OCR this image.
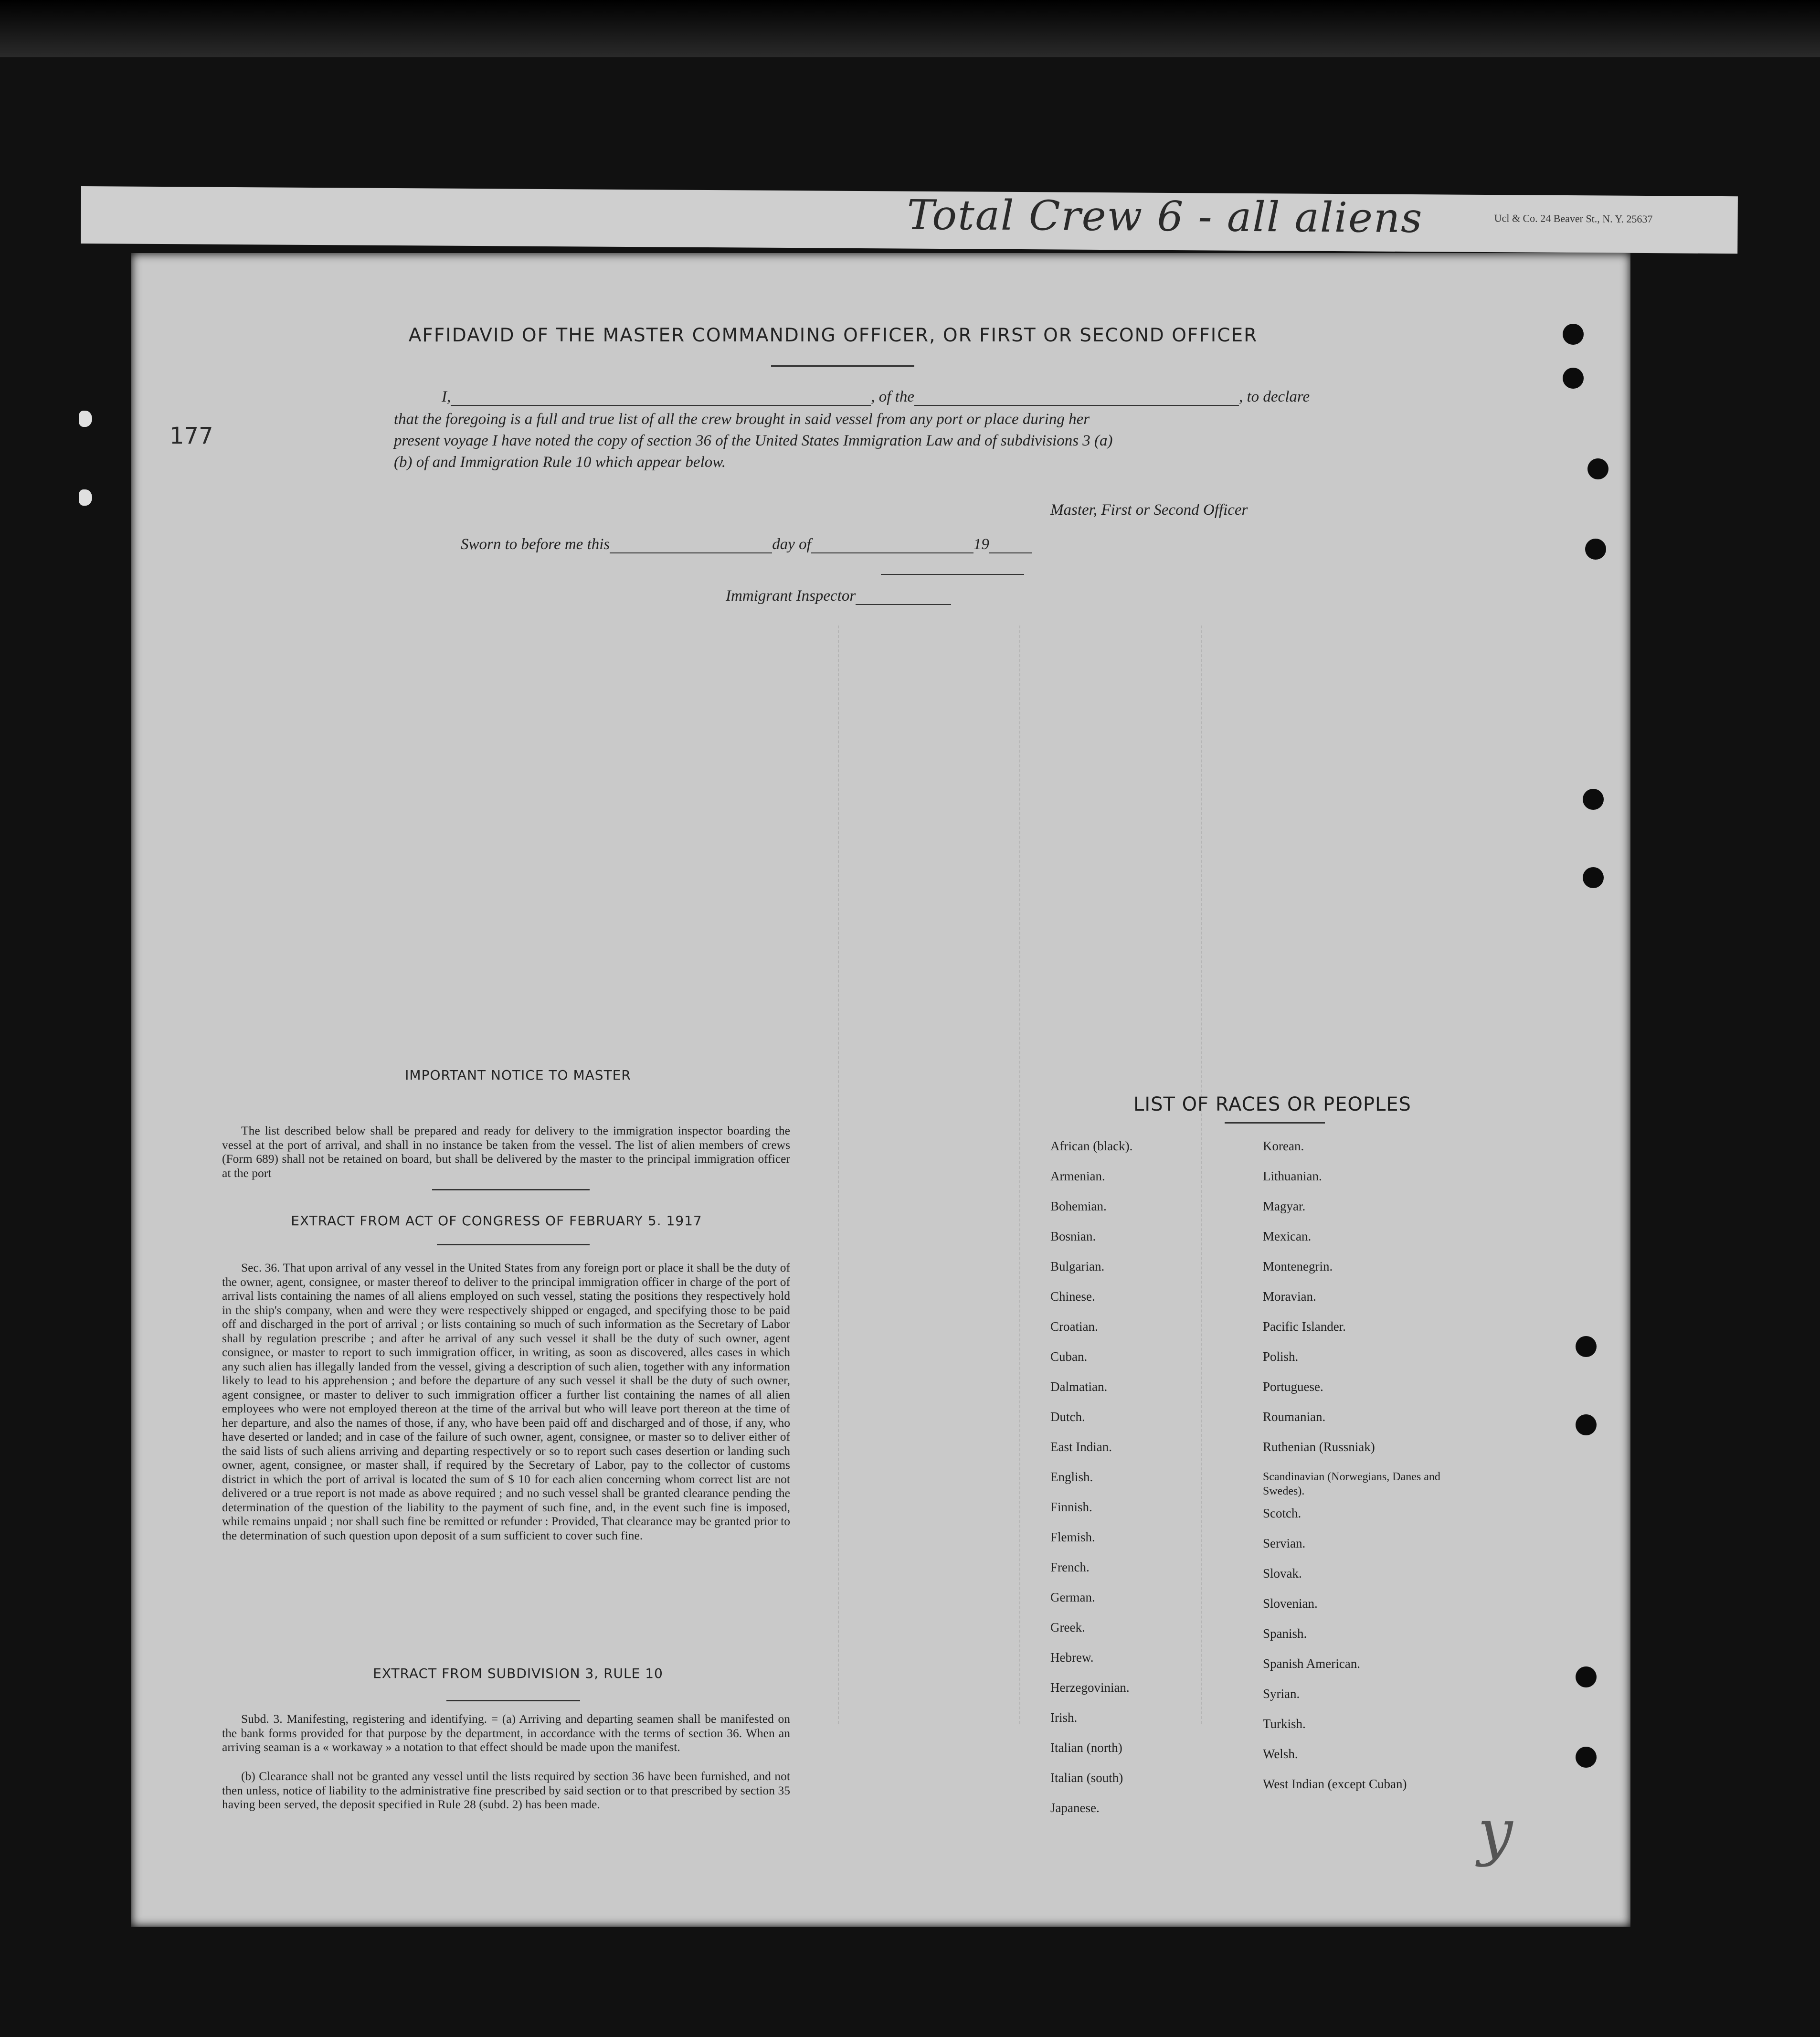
Total Crew 6 - all aliens	Ucl & Co. 24 Beaver St., N. Y. 25637
177
AFFIDAVID OF THE MASTER COMMANDING OFFICER, OR FIRST OR SECOND OFFICER
I,	, of the	, to declare
that the foregoing is a full and true list of all the crew brought in said vessel from any port or place during her
present voyage I have noted the copy of section 36 of the United States Immigration Law and of subdivisions 3 (a)
(b) of and Immigration Rule 10 which appear below.
Master, First or Second Officer
Sworn to before me this	day of	19
Immigrant Inspector
IMPORTANT NOTICE TO MASTER
The list described below shall be prepared and ready for delivery to the immigration inspector boarding the vessel at the port of arrival, and shall in no instance be taken from the vessel. The list of alien members of crews (Form 689) shall not be retained on board, but shall be delivered by the master to the principal immigration officer at the port
EXTRACT FROM ACT OF CONGRESS OF FEBRUARY 5. 1917
Sec. 36. That upon arrival of any vessel in the United States from any foreign port or place it shall be the duty of the owner, agent, consignee, or master thereof to deliver to the principal immigration officer in charge of the port of arrival lists containing the names of all aliens employed on such vessel, stating the positions they respectively hold in the ship's company, when and were they were respectively shipped or engaged, and specifying those to be paid off and discharged in the port of arrival ; or lists containing so much of such information as the Secretary of Labor shall by regulation prescribe ; and after he arrival of any such vessel it shall be the duty of such owner, agent consignee, or master to report to such immigration officer, in writing, as soon as discovered, alles cases in which any such alien has illegally landed from the vessel, giving a description of such alien, together with any information likely to lead to his apprehension ; and before the departure of any such vessel it shall be the duty of such owner, agent consignee, or master to deliver to such immigration officer a further list containing the names of all alien employees who were not employed thereon at the time of the arrival but who will leave port thereon at the time of her departure, and also the names of those, if any, who have been paid off and discharged and of those, if any, who have deserted or landed; and in case of the failure of such owner, agent, consignee, or master so to deliver either of the said lists of such aliens arriving and departing respectively or so to report such cases desertion or landing such owner, agent, consignee, or master shall, if required by the Secretary of Labor, pay to the collector of customs district in which the port of arrival is located the sum of $ 10 for each alien concerning whom correct list are not delivered or a true report is not made as above required ; and no such vessel shall be granted clearance pending the determination of the question of the liability to the payment of such fine, and, in the event such fine is imposed, while remains unpaid ; nor shall such fine be remitted or refunder : Provided, That clearance may be granted prior to the determination of such question upon deposit of a sum sufficient to cover such fine.
EXTRACT FROM SUBDIVISION 3, RULE 10
Subd. 3. Manifesting, registering and identifying. = (a) Arriving and departing seamen shall be manifested on the bank forms provided for that purpose by the department, in accordance with the terms of section 36. When an arriving seaman is a « workaway » a notation to that effect should be made upon the manifest.
(b) Clearance shall not be granted any vessel until the lists required by section 36 have been furnished, and not then unless, notice of liability to the administrative fine prescribed by said section or to that prescribed by section 35 having been served, the deposit specified in Rule 28 (subd. 2) has been made.
LIST OF RACES OR PEOPLES
African (black).
Armenian.
Bohemian.
Bosnian.
Bulgarian.
Chinese.
Croatian.
Cuban.
Dalmatian.
Dutch.
East Indian.
English.
Finnish.
Flemish.
French.
German.
Greek.
Hebrew.
Herzegovinian.
Irish.
Italian (north)
Italian (south)
Japanese.
Korean.
Lithuanian.
Magyar.
Mexican.
Montenegrin.
Moravian.
Pacific Islander.
Polish.
Portuguese.
Roumanian.
Ruthenian (Russniak)
Scandinavian (Norwegians, Danes and Swedes).
Scotch.
Servian.
Slovak.
Slovenian.
Spanish.
Spanish American.
Syrian.
Turkish.
Welsh.
West Indian (except Cuban)
y
